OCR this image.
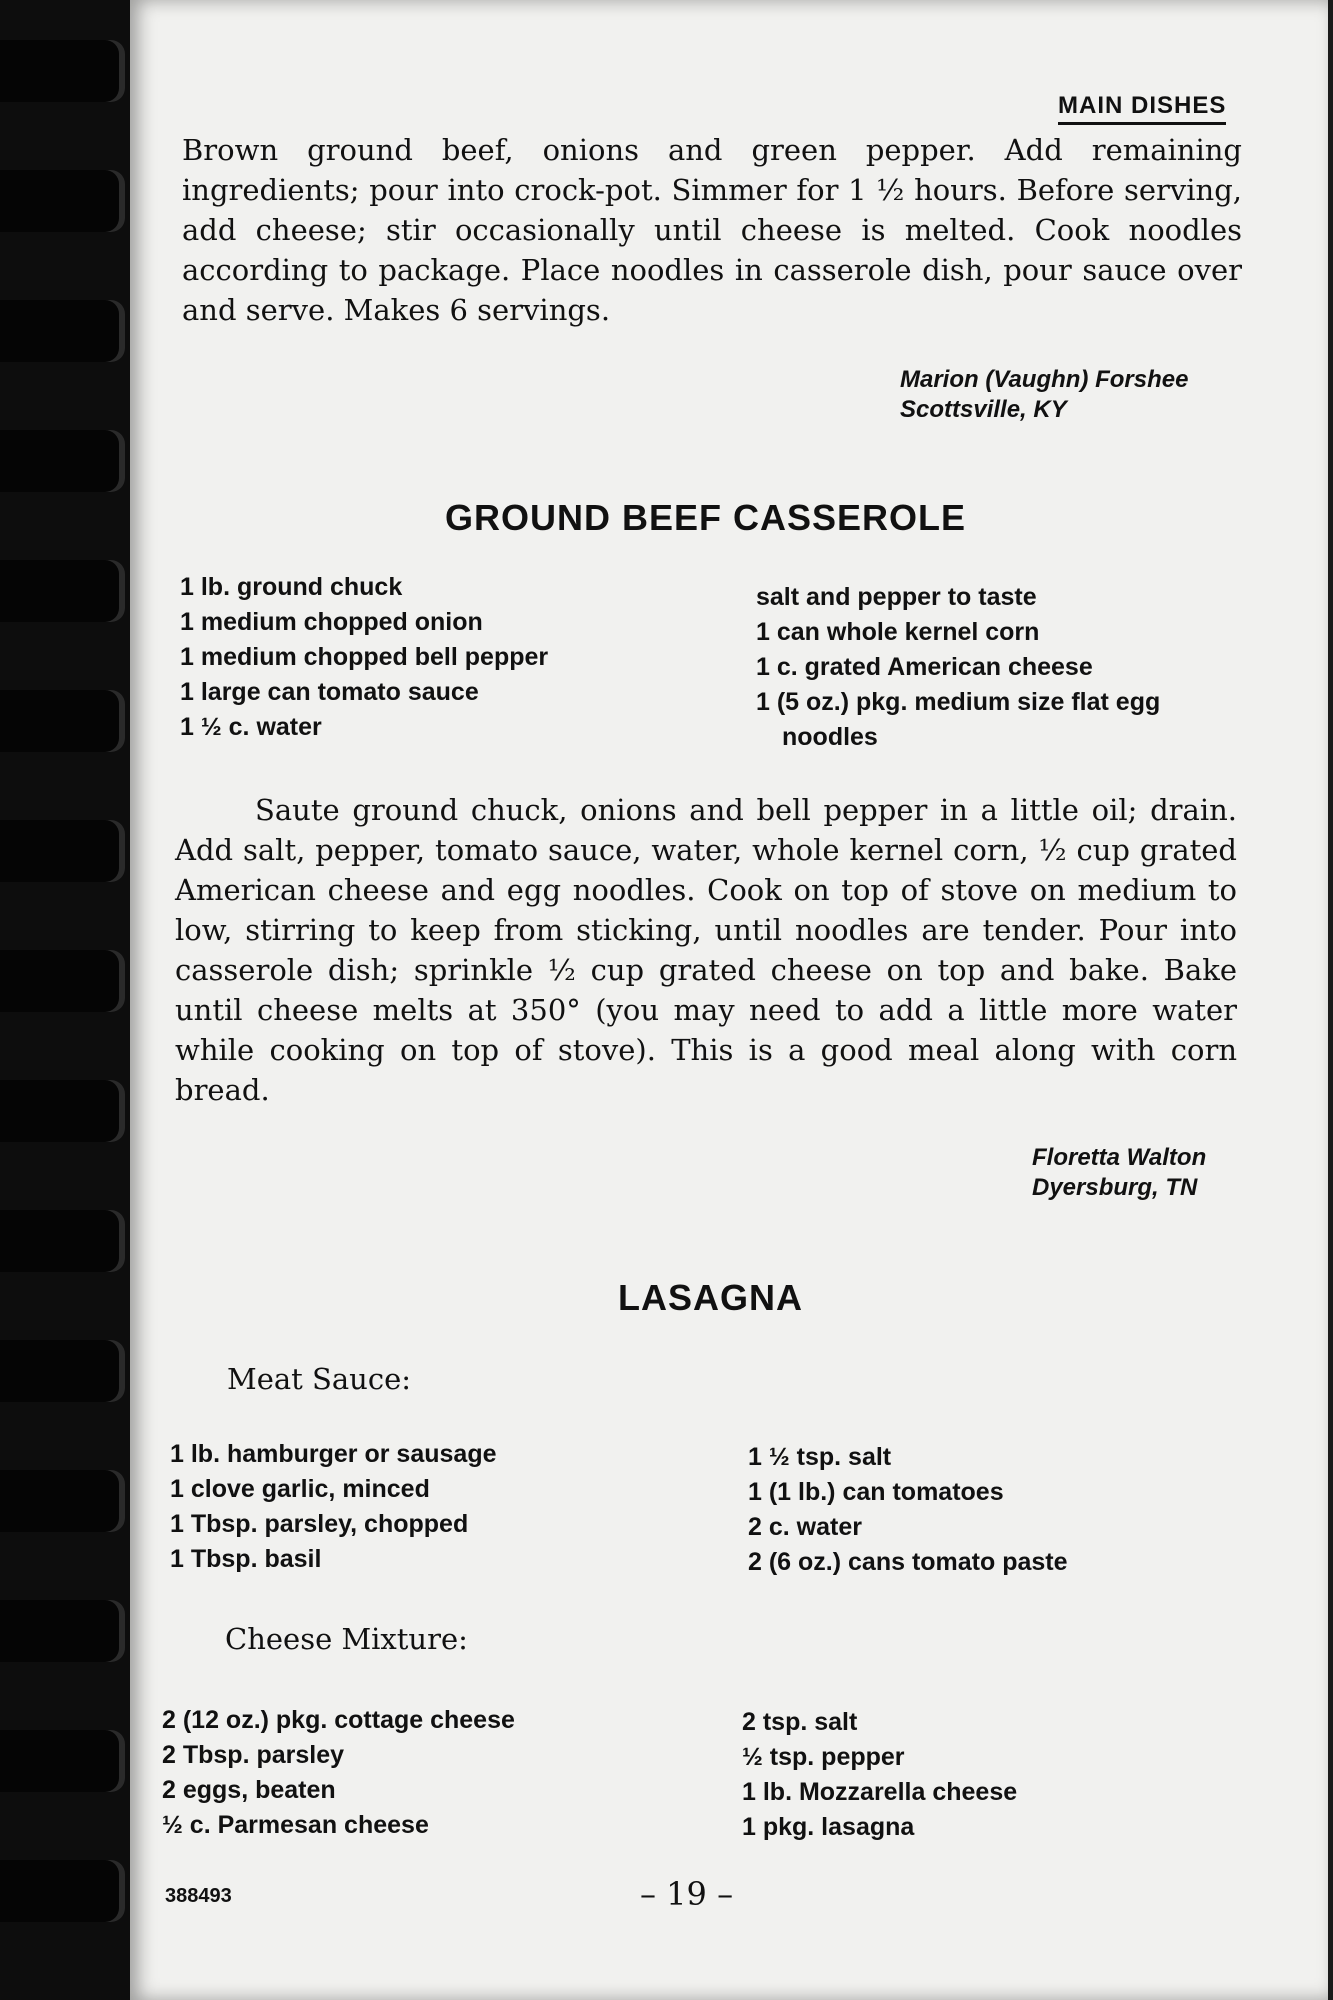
MAIN DISHES

Brown ground beef, onions and green pepper. Add remaining ingredients; pour into crock-pot. Simmer for 1 ½ hours. Before serving, add cheese; stir occasionally until cheese is melted. Cook noodles according to package. Place noodles in casserole dish, pour sauce over and serve. Makes 6 servings.

Marion (Vaughn) Forshee
Scottsville, KY
GROUND BEEF CASSEROLE
1 lb. ground chuck
1 medium chopped onion
1 medium chopped bell pepper
1 large can tomato sauce
1 ½ c. water
salt and pepper to taste
1 can whole kernel corn
1 c. grated American cheese
1 (5 oz.) pkg. medium size flat egg
noodles

Saute ground chuck, onions and bell pepper in a little oil; drain. Add salt, pepper, tomato sauce, water, whole kernel corn, ½ cup grated American cheese and egg noodles. Cook on top of stove on medium to low, stirring to keep from sticking, until noodles are tender. Pour into casserole dish; sprinkle ½ cup grated cheese on top and bake. Bake until cheese melts at 350° (you may need to add a little more water while cooking on top of stove). This is a good meal along with corn bread.

Floretta Walton
Dyersburg, TN
LASAGNA
Meat Sauce:
1 lb. hamburger or sausage
1 clove garlic, minced
1 Tbsp. parsley, chopped
1 Tbsp. basil
1 ½ tsp. salt
1 (1 lb.) can tomatoes
2 c. water
2 (6 oz.) cans tomato paste
Cheese Mixture:
2 (12 oz.) pkg. cottage cheese
2 Tbsp. parsley
2 eggs, beaten
½ c. Parmesan cheese
2 tsp. salt
½ tsp. pepper
1 lb. Mozzarella cheese
1 pkg. lasagna
388493	– 19 –
